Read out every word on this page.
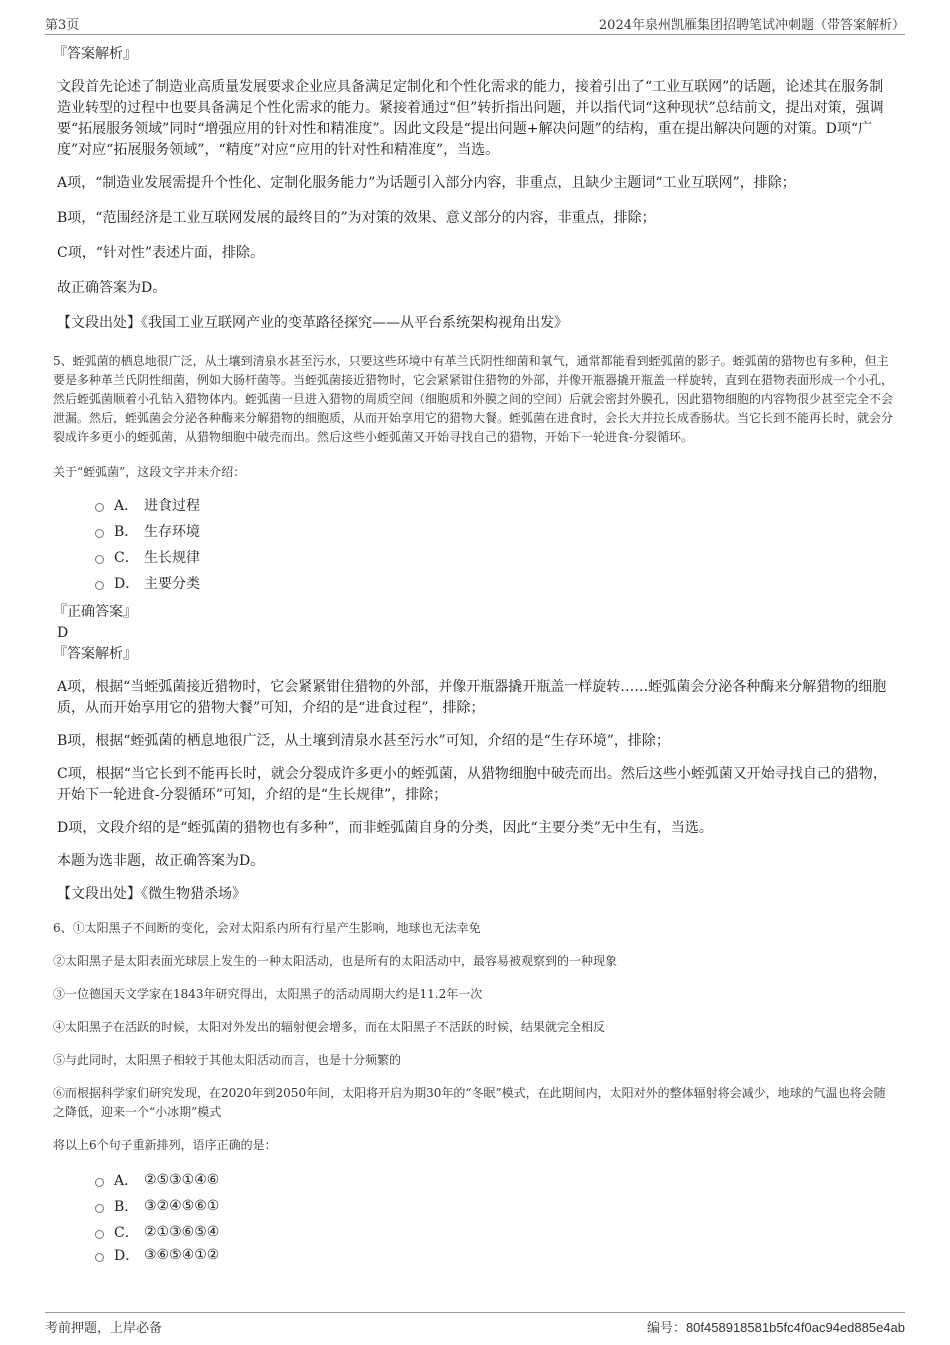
第3页	2024年泉州凯雁集团招聘笔试冲刺题（带答案解析）

『答案解析』

文段首先论述了制造业高质量发展要求企业应具备满足定制化和个性化需求的能力，接着引出了“工业互联网”的话题，论述其在服务制造业转型的过程中也要具备满足个性化需求的能力。紧接着通过“但”转折指出问题，并以指代词“这种现状”总结前文，提出对策，强调要“拓展服务领域”同时“增强应用的针对性和精准度”。因此文段是“提出问题+解决问题”的结构，重在提出解决问题的对策。D项“广度”对应“拓展服务领域”，“精度”对应“应用的针对性和精准度”，当选。

A项，“制造业发展需提升个性化、定制化服务能力”为话题引入部分内容，非重点，且缺少主题词“工业互联网”，排除；

B项，“范围经济是工业互联网发展的最终目的”为对策的效果、意义部分的内容，非重点，排除；

C项，“针对性”表述片面，排除。

故正确答案为D。

【文段出处】《我国工业互联网产业的变革路径探究——从平台系统架构视角出发》

5、蛭弧菌的栖息地很广泛，从土壤到清泉水甚至污水，只要这些环境中有革兰氏阴性细菌和氧气，通常都能看到蛭弧菌的影子。蛭弧菌的猎物也有多种，但主要是多种革兰氏阴性细菌，例如大肠杆菌等。当蛭弧菌接近猎物时，它会紧紧钳住猎物的外部，并像开瓶器撬开瓶盖一样旋转，直到在猎物表面形成一个小孔，然后蛭弧菌顺着小孔钻入猎物体内。蛭弧菌一旦进入猎物的周质空间（细胞质和外膜之间的空间）后就会密封外膜孔，因此猎物细胞的内容物很少甚至完全不会泄漏。然后，蛭弧菌会分泌各种酶来分解猎物的细胞质，从而开始享用它的猎物大餐。蛭弧菌在进食时，会长大并拉长成香肠状。当它长到不能再长时，就会分裂成许多更小的蛭弧菌，从猎物细胞中破壳而出。然后这些小蛭弧菌又开始寻找自己的猎物，开始下一轮进食-分裂循环。

关于“蛭弧菌”，这段文字并未介绍：

A． 进食过程
B． 生存环境
C． 生长规律
D． 主要分类

『正确答案』

D

『答案解析』

A项，根据“当蛭弧菌接近猎物时，它会紧紧钳住猎物的外部，并像开瓶器撬开瓶盖一样旋转……蛭弧菌会分泌各种酶来分解猎物的细胞质，从而开始享用它的猎物大餐”可知，介绍的是“进食过程”，排除；

B项，根据“蛭弧菌的栖息地很广泛，从土壤到清泉水甚至污水”可知，介绍的是“生存环境”，排除；

C项，根据“当它长到不能再长时，就会分裂成许多更小的蛭弧菌，从猎物细胞中破壳而出。然后这些小蛭弧菌又开始寻找自己的猎物，开始下一轮进食-分裂循环”可知，介绍的是“生长规律”，排除；

D项，文段介绍的是“蛭弧菌的猎物也有多种”，而非蛭弧菌自身的分类，因此“主要分类”无中生有，当选。

本题为选非题，故正确答案为D。

【文段出处】《微生物猎杀场》

6、①太阳黑子不间断的变化，会对太阳系内所有行星产生影响，地球也无法幸免

②太阳黑子是太阳表面光球层上发生的一种太阳活动，也是所有的太阳活动中，最容易被观察到的一种现象

③一位德国天文学家在1843年研究得出，太阳黑子的活动周期大约是11.2年一次

④太阳黑子在活跃的时候，太阳对外发出的辐射便会增多，而在太阳黑子不活跃的时候，结果就完全相反

⑤与此同时，太阳黑子相较于其他太阳活动而言，也是十分频繁的

⑥而根据科学家们研究发现，在2020年到2050年间，太阳将开启为期30年的“冬眠”模式，在此期间内，太阳对外的整体辐射将会减少，地球的气温也将会随之降低，迎来一个“小冰期”模式

将以上6个句子重新排列，语序正确的是：

A． ②⑤③①④⑥
B． ③②④⑤⑥①
C． ②①③⑥⑤④
D． ③⑥⑤④①②
考前押题，上岸必备	编号：80f458918581b5fc4f0ac94ed885e4ab
